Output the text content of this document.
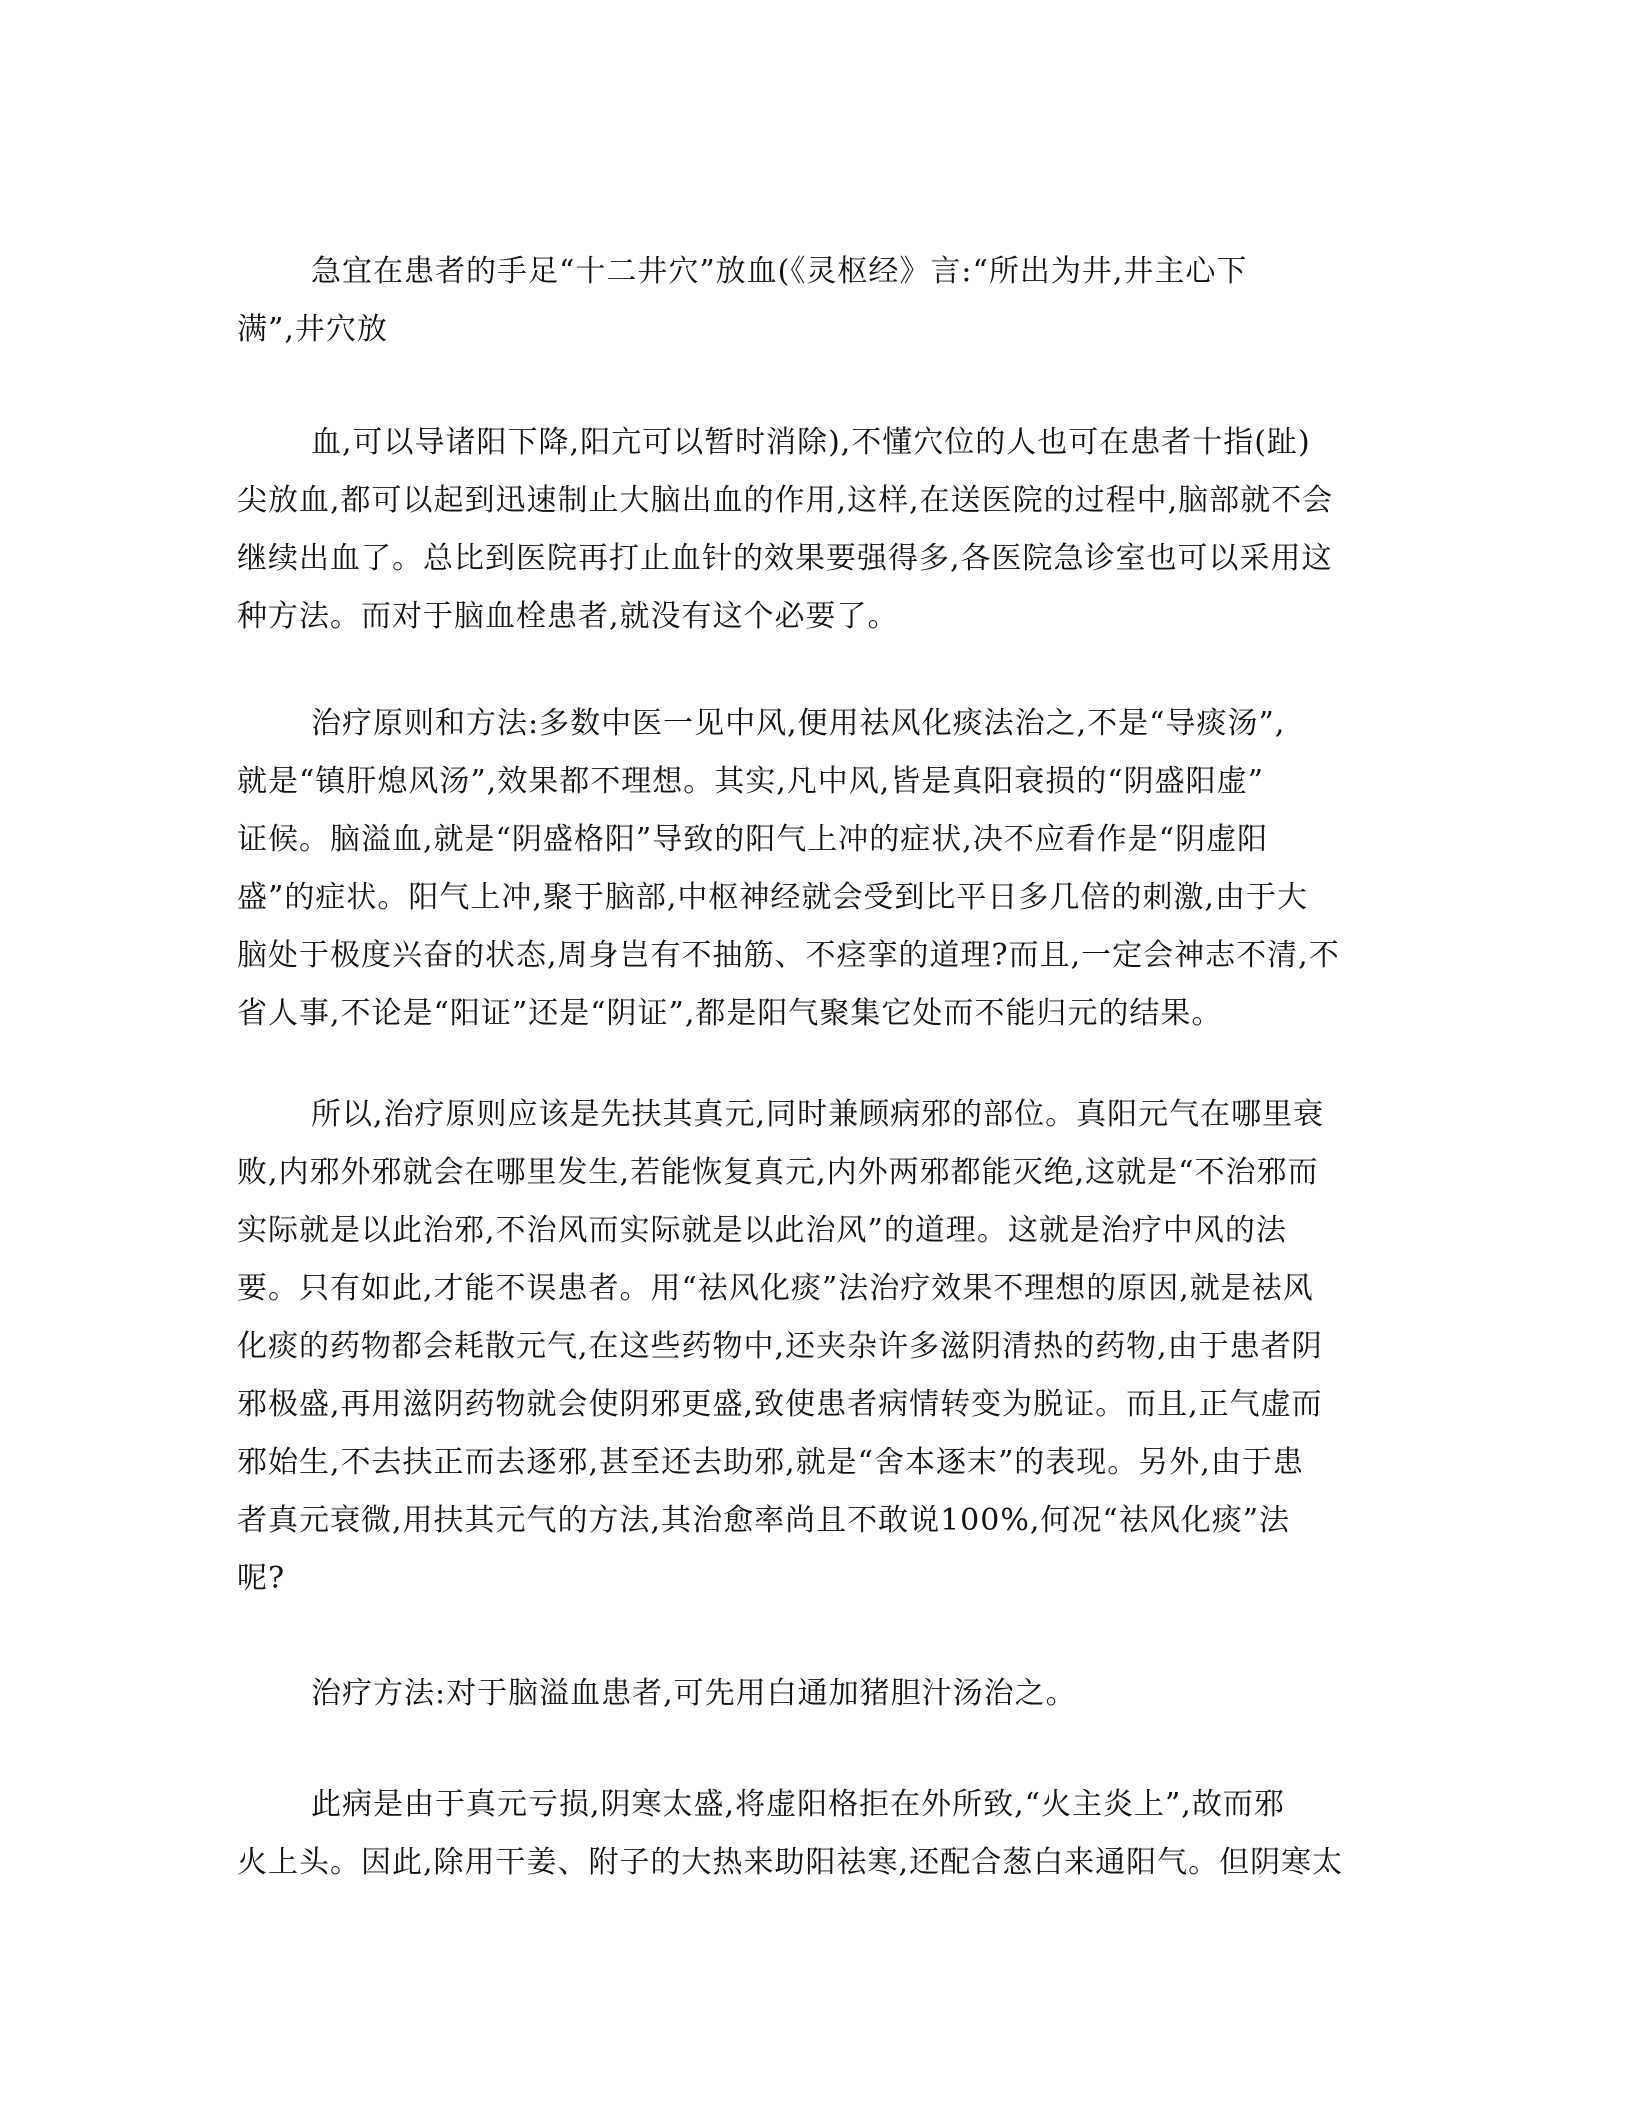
急宜在患者的手足“十二井穴”放血(《灵枢经》言:“所出为井,井主心下
满”,井穴放
血,可以导诸阳下降,阳亢可以暂时消除),不懂穴位的人也可在患者十指(趾)
尖放血,都可以起到迅速制止大脑出血的作用,这样,在送医院的过程中,脑部就不会
继续出血了。总比到医院再打止血针的效果要强得多,各医院急诊室也可以采用这
种方法。而对于脑血栓患者,就没有这个必要了。
治疗原则和方法:多数中医一见中风,便用祛风化痰法治之,不是“导痰汤”,
就是“镇肝熄风汤”,效果都不理想。其实,凡中风,皆是真阳衰损的“阴盛阳虚”
证候。脑溢血,就是“阴盛格阳”导致的阳气上冲的症状,决不应看作是“阴虚阳
盛”的症状。阳气上冲,聚于脑部,中枢神经就会受到比平日多几倍的刺激,由于大
脑处于极度兴奋的状态,周身岂有不抽筋、不痉挛的道理?而且,一定会神志不清,不
省人事,不论是“阳证”还是“阴证”,都是阳气聚集它处而不能归元的结果。
所以,治疗原则应该是先扶其真元,同时兼顾病邪的部位。真阳元气在哪里衰
败,内邪外邪就会在哪里发生,若能恢复真元,内外两邪都能灭绝,这就是“不治邪而
实际就是以此治邪,不治风而实际就是以此治风”的道理。这就是治疗中风的法
要。只有如此,才能不误患者。用“祛风化痰”法治疗效果不理想的原因,就是祛风
化痰的药物都会耗散元气,在这些药物中,还夹杂许多滋阴清热的药物,由于患者阴
邪极盛,再用滋阴药物就会使阴邪更盛,致使患者病情转变为脱证。而且,正气虚而
邪始生,不去扶正而去逐邪,甚至还去助邪,就是“舍本逐末”的表现。另外,由于患
者真元衰微,用扶其元气的方法,其治愈率尚且不敢说100%,何况“祛风化痰”法
呢?
治疗方法:对于脑溢血患者,可先用白通加猪胆汁汤治之。
此病是由于真元亏损,阴寒太盛,将虚阳格拒在外所致,“火主炎上”,故而邪
火上头。因此,除用干姜、附子的大热来助阳祛寒,还配合葱白来通阳气。但阴寒太
